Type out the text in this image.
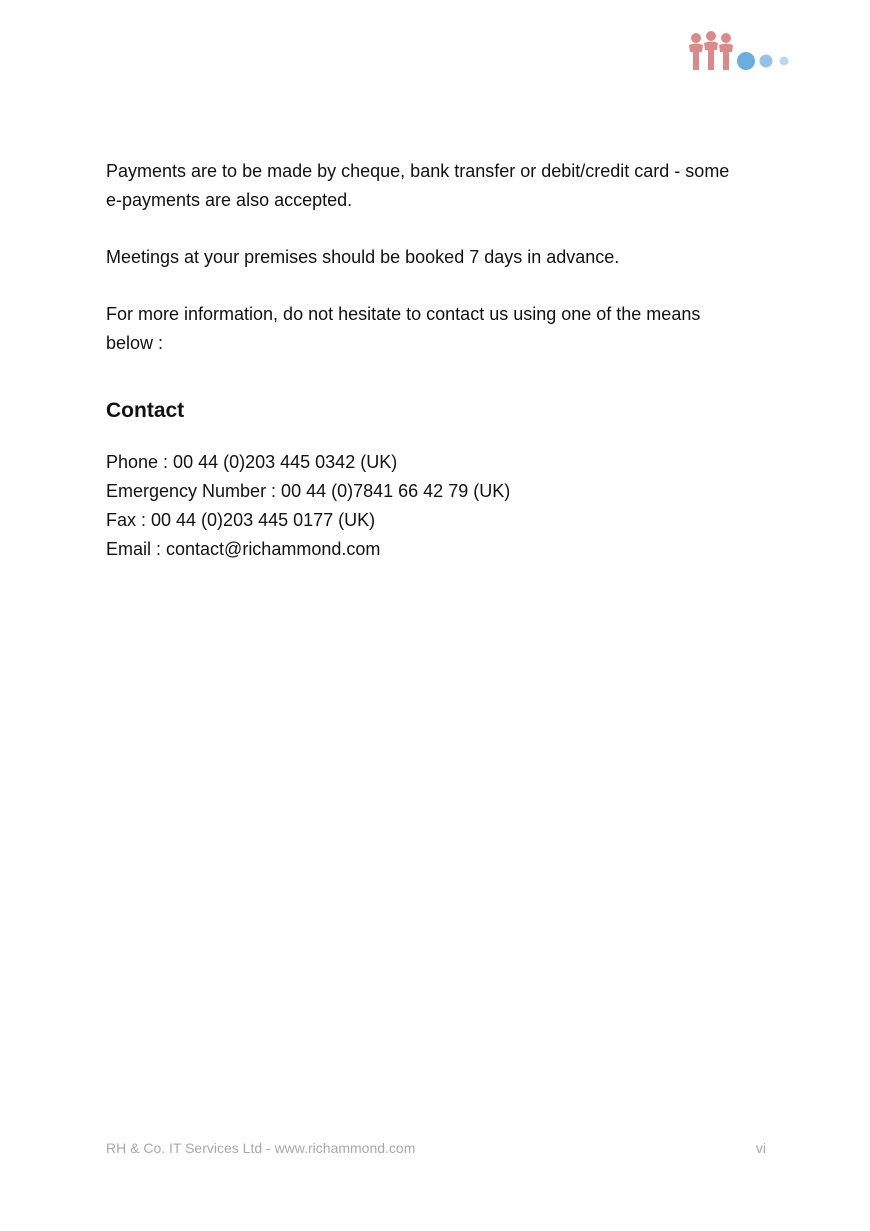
Payments are to be made by cheque, bank transfer or debit/credit card - some
e-payments are also accepted.

Meetings at your premises should be booked 7 days in advance.

For more information, do not hesitate to contact us using one of the means
below :

Contact
Phone : 00 44 (0)203 445 0342 (UK)
Emergency Number : 00 44 (0)7841 66 42 79 (UK)
Fax : 00 44 (0)203 445 0177 (UK)
Email : contact@richammond.com
RH & Co. IT Services Ltd - www.richammond.com	vi
